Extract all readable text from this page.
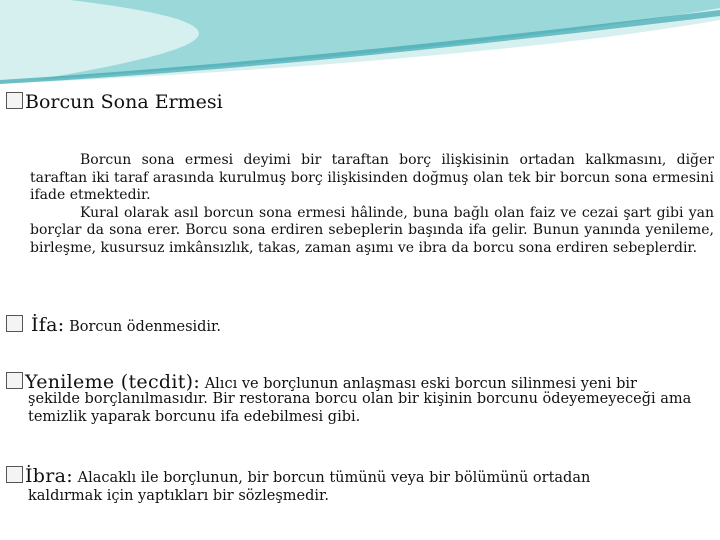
Borcun Sona Ermesi

Borcun sona ermesi deyimi bir taraftan borç ilişkisinin ortadan kalkmasını, diğer taraftan iki taraf arasında kurulmuş borç ilişkisinden doğmuş olan tek bir borcun sona ermesini ifade etmektedir.

Kural olarak asıl borcun sona ermesi hâlinde, buna bağlı olan faiz ve cezai şart gibi yan borçlar da sona erer. Borcu sona erdiren sebeplerin başında ifa gelir. Bunun yanında yenileme, birleşme, kusursuz imkânsızlık, takas, zaman aşımı ve ibra da borcu sona erdiren sebeplerdir.

İfa: Borcun ödenmesidir.
Yenileme (tecdit): Alıcı ve borçlunun anlaşması eski borcun silinmesi yeni bir
şekilde borçlanılmasıdır. Bir restorana borcu olan bir kişinin borcunu ödeyemeyeceği ama temizlik yaparak borcunu ifa edebilmesi gibi.
İbra: Alacaklı ile borçlunun, bir borcun tümünü veya bir bölümünü ortadan
kaldırmak için yaptıkları bir sözleşmedir.
